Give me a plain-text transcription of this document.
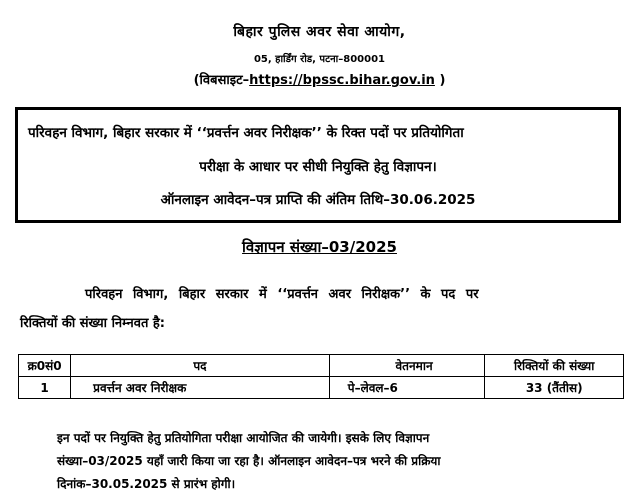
बिहार पुलिस अवर सेवा आयोग,
05, हार्डिंग रोड, पटना–800001
(विबसाइट–https://bpssc.bihar.gov.in )
परिवहन विभाग, बिहार सरकार में ‘‘प्रवर्त्तन अवर निरीक्षक’’ के रिक्त पदों पर प्रतियोगिता
परीक्षा के आधार पर सीधी नियुक्ति हेतु विज्ञापन।
ऑनलाइन आवेदन–पत्र प्राप्ति की अंतिम तिथि–30.06.2025
विज्ञापन संख्या–03/2025
परिवहन विभाग, बिहार सरकार में ‘‘प्रवर्त्तन अवर निरीक्षक’’ के पद पर
रिक्तियों की संख्या निम्नवत है:
क्र0सं0	पद	वेतनमान	रिक्तियों की संख्या
1	प्रवर्त्तन अवर निरीक्षक	पे–लेवल–6	33 (तैंतीस)
इन पदों पर नियुक्ति हेतु प्रतियोगिता परीक्षा आयोजित की जायेगी। इसके लिए विज्ञापन
संख्या–03/2025 यहाँ जारी किया जा रहा है। ऑनलाइन आवेदन–पत्र भरने की प्रक्रिया
दिनांक–30.05.2025 से प्रारंभ होगी।
